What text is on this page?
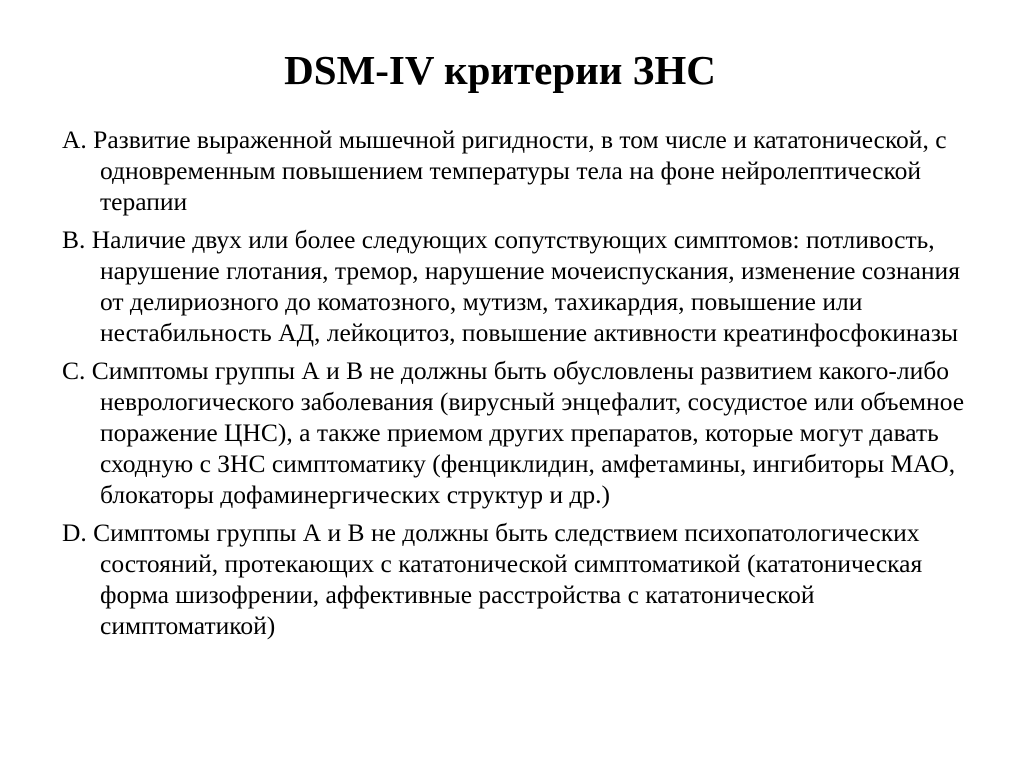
DSM-IV критерии ЗНС
A. Развитие выраженной мышечной ригидности, в том числе и кататонической, с одновременным повышением температуры тела на фоне нейролептической терапии
B. Наличие двух или более следующих сопутствующих симптомов: потливость, нарушение глотания, тремор, нарушение мочеиспускания, изменение сознания от делириозного до коматозного, мутизм, тахикардия, повышение или нестабильность АД, лейкоцитоз, повышение активности креатинфосфокиназы
C. Симптомы группы А и В не должны быть обусловлены развитием какого-либо неврологического заболевания (вирусный энцефалит, сосудистое или объемное поражение ЦНС), а также приемом других препаратов, которые могут давать сходную с ЗНС симптоматику (фенциклидин, амфетамины, ингибиторы МАО, блокаторы дофаминергических структур и др.)
D. Симптомы группы А и В не должны быть следствием психопатологических состояний, протекающих с кататонической симптоматикой (кататоническая форма шизофрении, аффективные расстройства с кататонической симптоматикой)
